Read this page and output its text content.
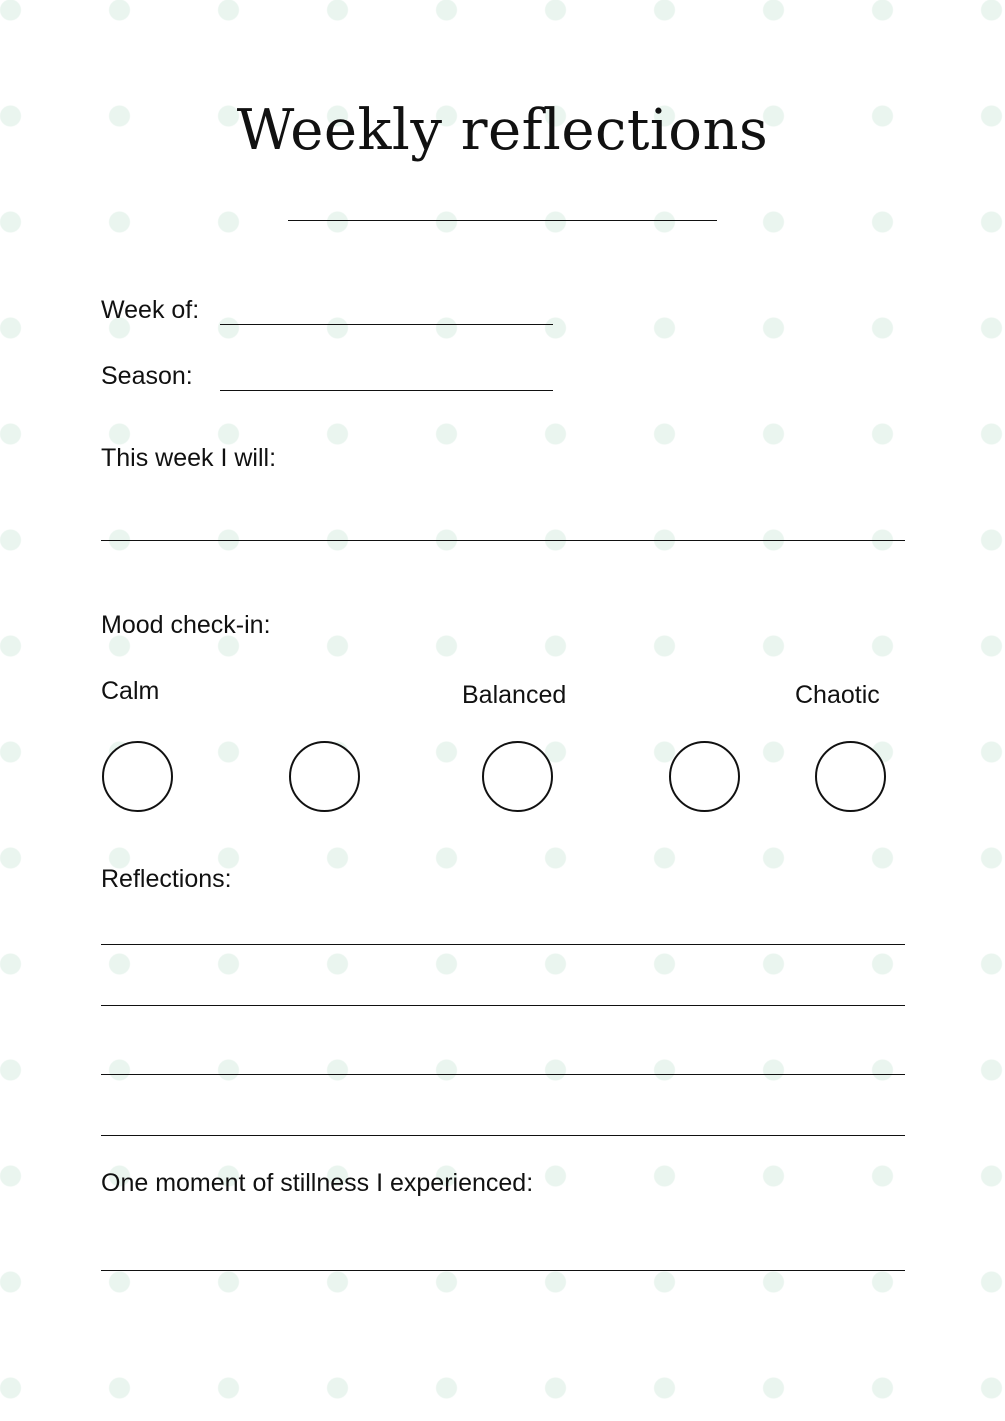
Weekly reflections
Week of:
Season:
This week I will:
Mood check-in:
Calm	Balanced	Chaotic
Reflections:
One moment of stillness I experienced:
